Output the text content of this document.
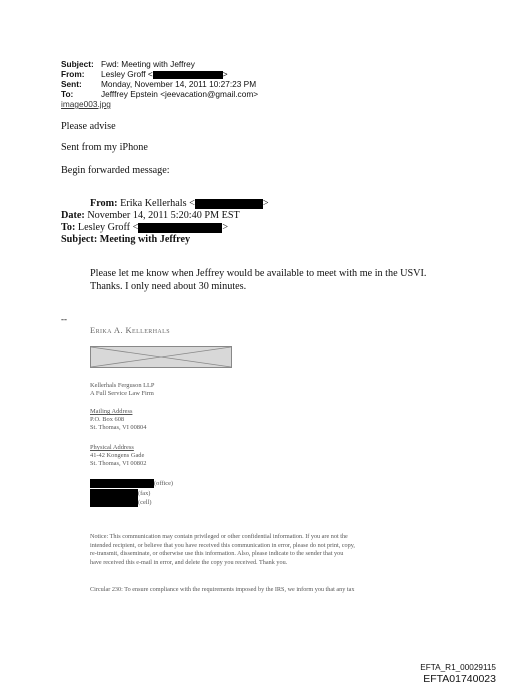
Subject: Fwd: Meeting with Jeffrey
From: Lesley Groff <	>
Sent: Monday, November 14, 2011 10:27:23 PM
To:	Jefffrey Epstein <jeevacation@gmail.com>
image003.jpg
Please advise
Sent from my iPhone
Begin forwarded message:
From: Erika Kellerhals <	>
Date: November 14, 2011 5:20:40 PM EST
To: Lesley Groff <	>
Subject: Meeting with Jeffrey
Please let me know when Jeffrey would be available to meet with me in the USVI.
Thanks. I only need about 30 minutes.
--
Erika A. Kellerhals
Kellerhals Ferguson LLP
A Full Service Law Firm
Mailing Address
P.O. Box 608
St. Thomas, VI 00804
Physical Address
41-42 Kongens Gade
St. Thomas, VI 00802
(office)
(fax)
(cell)
Notice: This communication may contain privileged or other confidential information. If you are not the
intended recipient, or believe that you have received this communication in error, please do not print, copy,
re-transmit, disseminate, or otherwise use this information. Also, please indicate to the sender that you
have received this e-mail in error, and delete the copy you received. Thank you.
Circular 230: To ensure compliance with the requirements imposed by the IRS, we inform you that any tax
EFTA_R1_00029115
EFTA01740023
